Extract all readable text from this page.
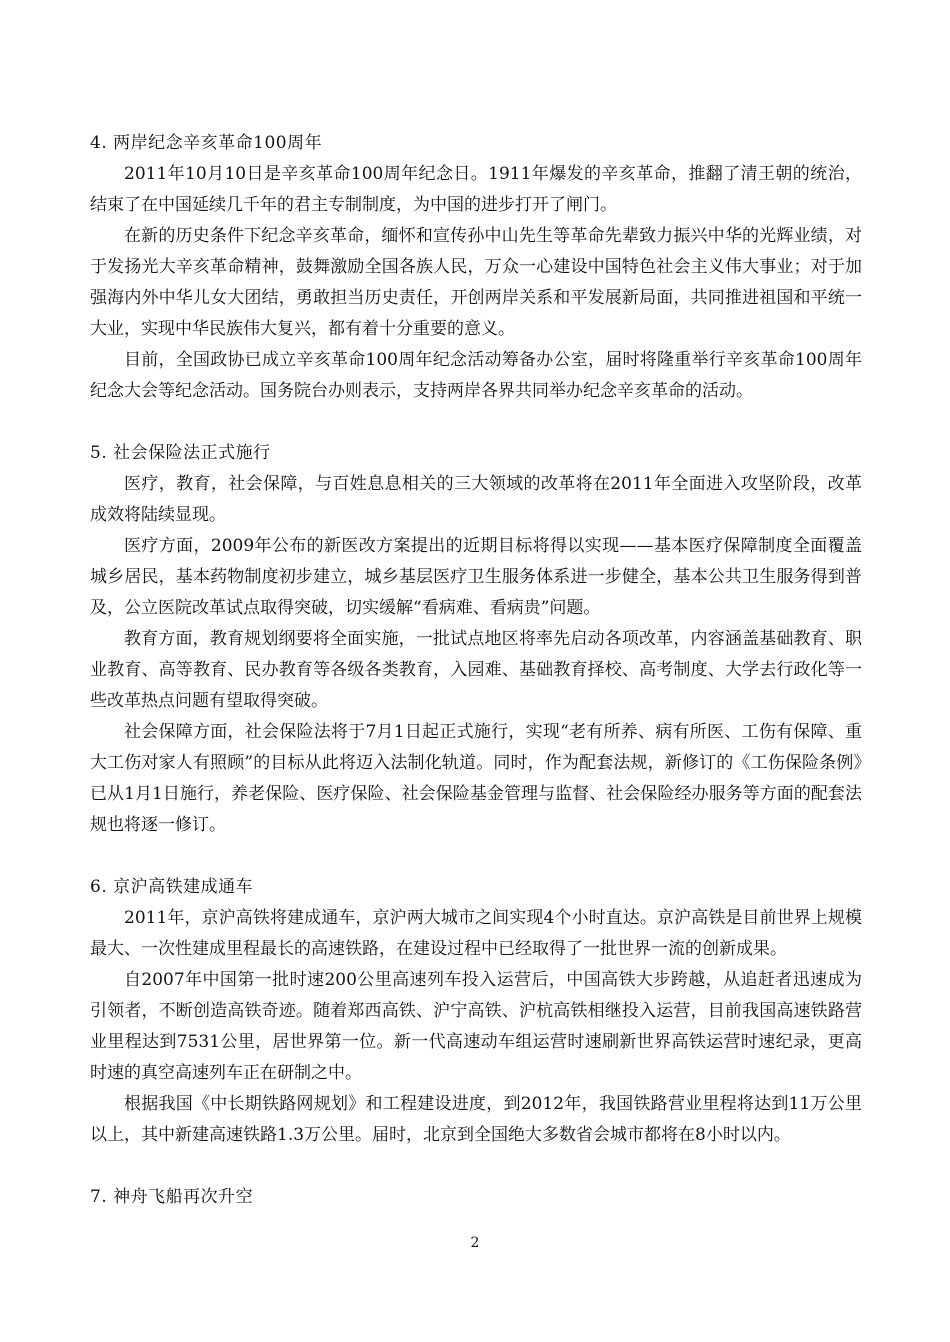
4. 两岸纪念辛亥革命100周年

2011年10月10日是辛亥革命100周年纪念日。1911年爆发的辛亥革命，推翻了清王朝的统治，结束了在中国延续几千年的君主专制制度，为中国的进步打开了闸门。

在新的历史条件下纪念辛亥革命，缅怀和宣传孙中山先生等革命先辈致力振兴中华的光辉业绩，对于发扬光大辛亥革命精神，鼓舞激励全国各族人民，万众一心建设中国特色社会主义伟大事业；对于加强海内外中华儿女大团结，勇敢担当历史责任，开创两岸关系和平发展新局面，共同推进祖国和平统一大业，实现中华民族伟大复兴，都有着十分重要的意义。

目前，全国政协已成立辛亥革命100周年纪念活动筹备办公室，届时将隆重举行辛亥革命100周年纪念大会等纪念活动。国务院台办则表示，支持两岸各界共同举办纪念辛亥革命的活动。

5. 社会保险法正式施行

医疗，教育，社会保障，与百姓息息相关的三大领域的改革将在2011年全面进入攻坚阶段，改革成效将陆续显现。

医疗方面，2009年公布的新医改方案提出的近期目标将得以实现——基本医疗保障制度全面覆盖城乡居民，基本药物制度初步建立，城乡基层医疗卫生服务体系进一步健全，基本公共卫生服务得到普及，公立医院改革试点取得突破，切实缓解“看病难、看病贵”问题。

教育方面，教育规划纲要将全面实施，一批试点地区将率先启动各项改革，内容涵盖基础教育、职业教育、高等教育、民办教育等各级各类教育，入园难、基础教育择校、高考制度、大学去行政化等一些改革热点问题有望取得突破。

社会保障方面，社会保险法将于7月1日起正式施行，实现“老有所养、病有所医、工伤有保障、重大工伤对家人有照顾”的目标从此将迈入法制化轨道。同时，作为配套法规，新修订的《工伤保险条例》已从1月1日施行，养老保险、医疗保险、社会保险基金管理与监督、社会保险经办服务等方面的配套法规也将逐一修订。

6. 京沪高铁建成通车

2011年，京沪高铁将建成通车，京沪两大城市之间实现4个小时直达。京沪高铁是目前世界上规模最大、一次性建成里程最长的高速铁路，在建设过程中已经取得了一批世界一流的创新成果。

自2007年中国第一批时速200公里高速列车投入运营后，中国高铁大步跨越，从追赶者迅速成为引领者，不断创造高铁奇迹。随着郑西高铁、沪宁高铁、沪杭高铁相继投入运营，目前我国高速铁路营业里程达到7531公里，居世界第一位。新一代高速动车组运营时速刷新世界高铁运营时速纪录，更高时速的真空高速列车正在研制之中。

根据我国《中长期铁路网规划》和工程建设进度，到2012年，我国铁路营业里程将达到11万公里以上，其中新建高速铁路1.3万公里。届时，北京到全国绝大多数省会城市都将在8小时以内。

7. 神舟飞船再次升空
2
